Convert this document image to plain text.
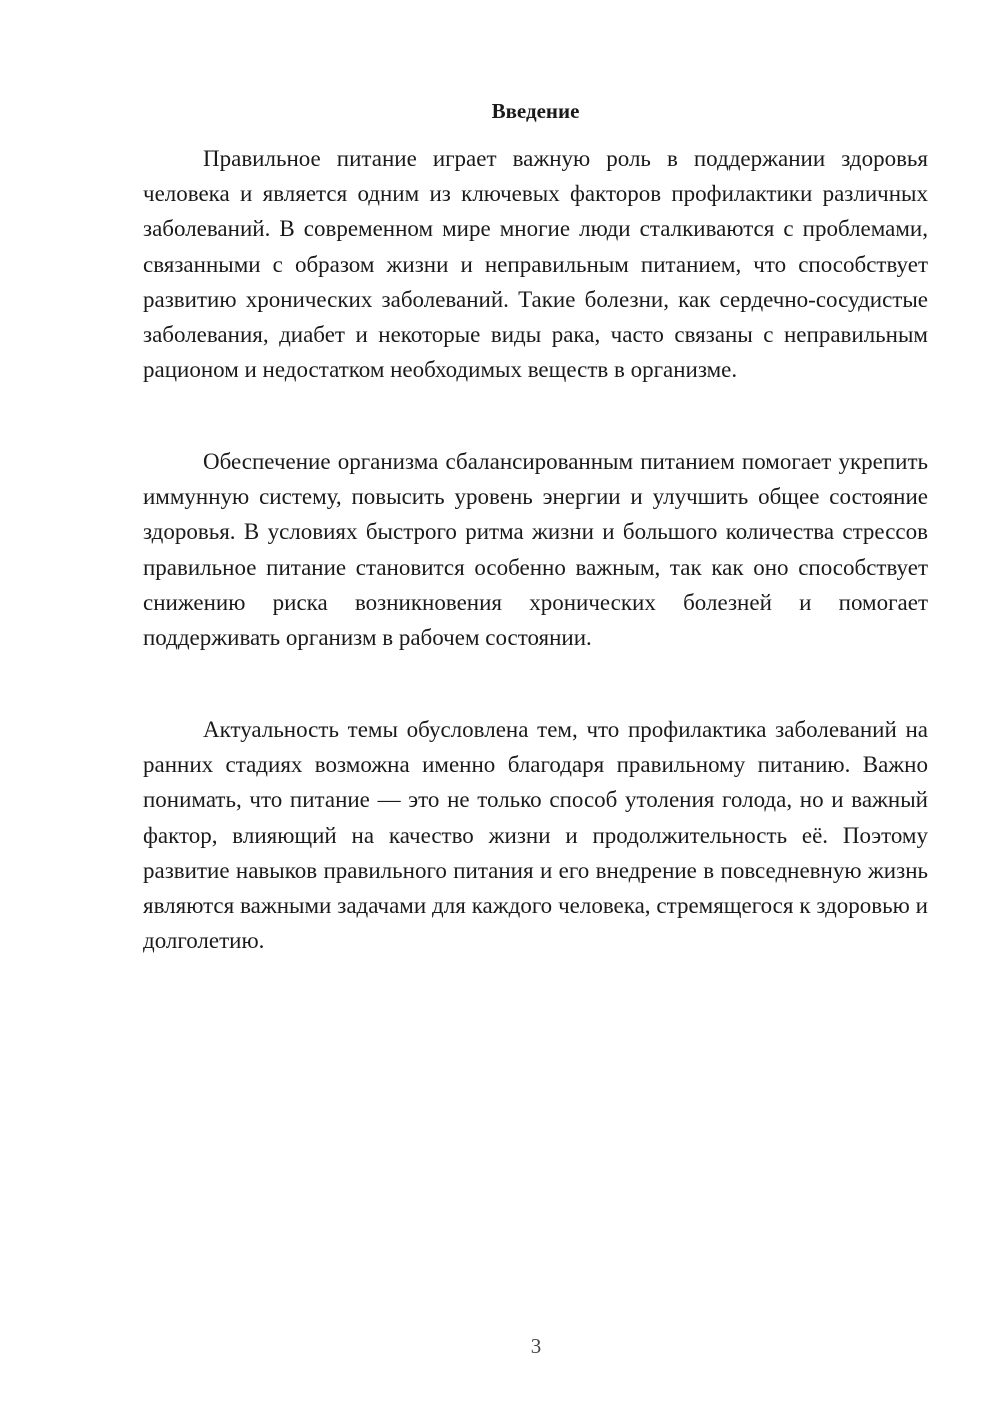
Введение

Правильное питание играет важную роль в поддержании здоровья человека и является одним из ключевых факторов профилактики различных заболеваний. В современном мире многие люди сталкиваются с проблемами, связанными с образом жизни и неправильным питанием, что способствует развитию хронических заболеваний. Такие болезни, как сердечно-сосудистые заболевания, диабет и некоторые виды рака, часто связаны с неправильным рационом и недостатком необходимых веществ в организме.

Обеспечение организма сбалансированным питанием помогает укрепить иммунную систему, повысить уровень энергии и улучшить общее состояние здоровья. В условиях быстрого ритма жизни и большого количества стрессов правильное питание становится особенно важным, так как оно способствует снижению риска возникновения хронических болезней и помогает поддерживать организм в рабочем состоянии.

Актуальность темы обусловлена тем, что профилактика заболеваний на ранних стадиях возможна именно благодаря правильному питанию. Важно понимать, что питание — это не только способ утоления голода, но и важный фактор, влияющий на качество жизни и продолжительность её. Поэтому развитие навыков правильного питания и его внедрение в повседневную жизнь являются важными задачами для каждого человека, стремящегося к здоровью и долголетию.

3
